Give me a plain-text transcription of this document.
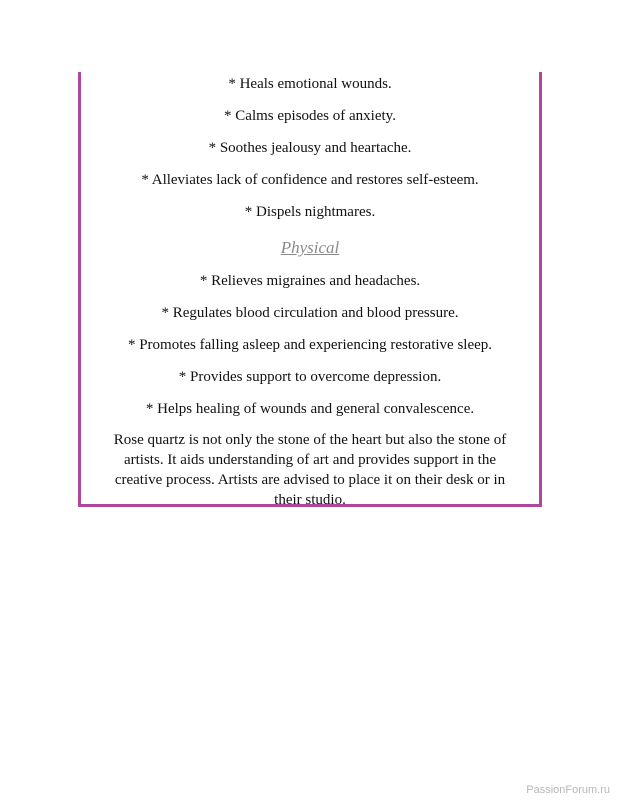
* Heals emotional wounds.
* Calms episodes of anxiety.
* Soothes jealousy and heartache.
* Alleviates lack of confidence and restores self-esteem.
* Dispels nightmares.
Physical
* Relieves migraines and headaches.
* Regulates blood circulation and blood pressure.
* Promotes falling asleep and experiencing restorative sleep.
* Provides support to overcome depression.
* Helps healing of wounds and general convalescence.
Rose quartz is not only the stone of the heart but also the stone of artists. It aids understanding of art and provides support in the creative process. Artists are advised to place it on their desk or in their studio.
PassionForum.ru
